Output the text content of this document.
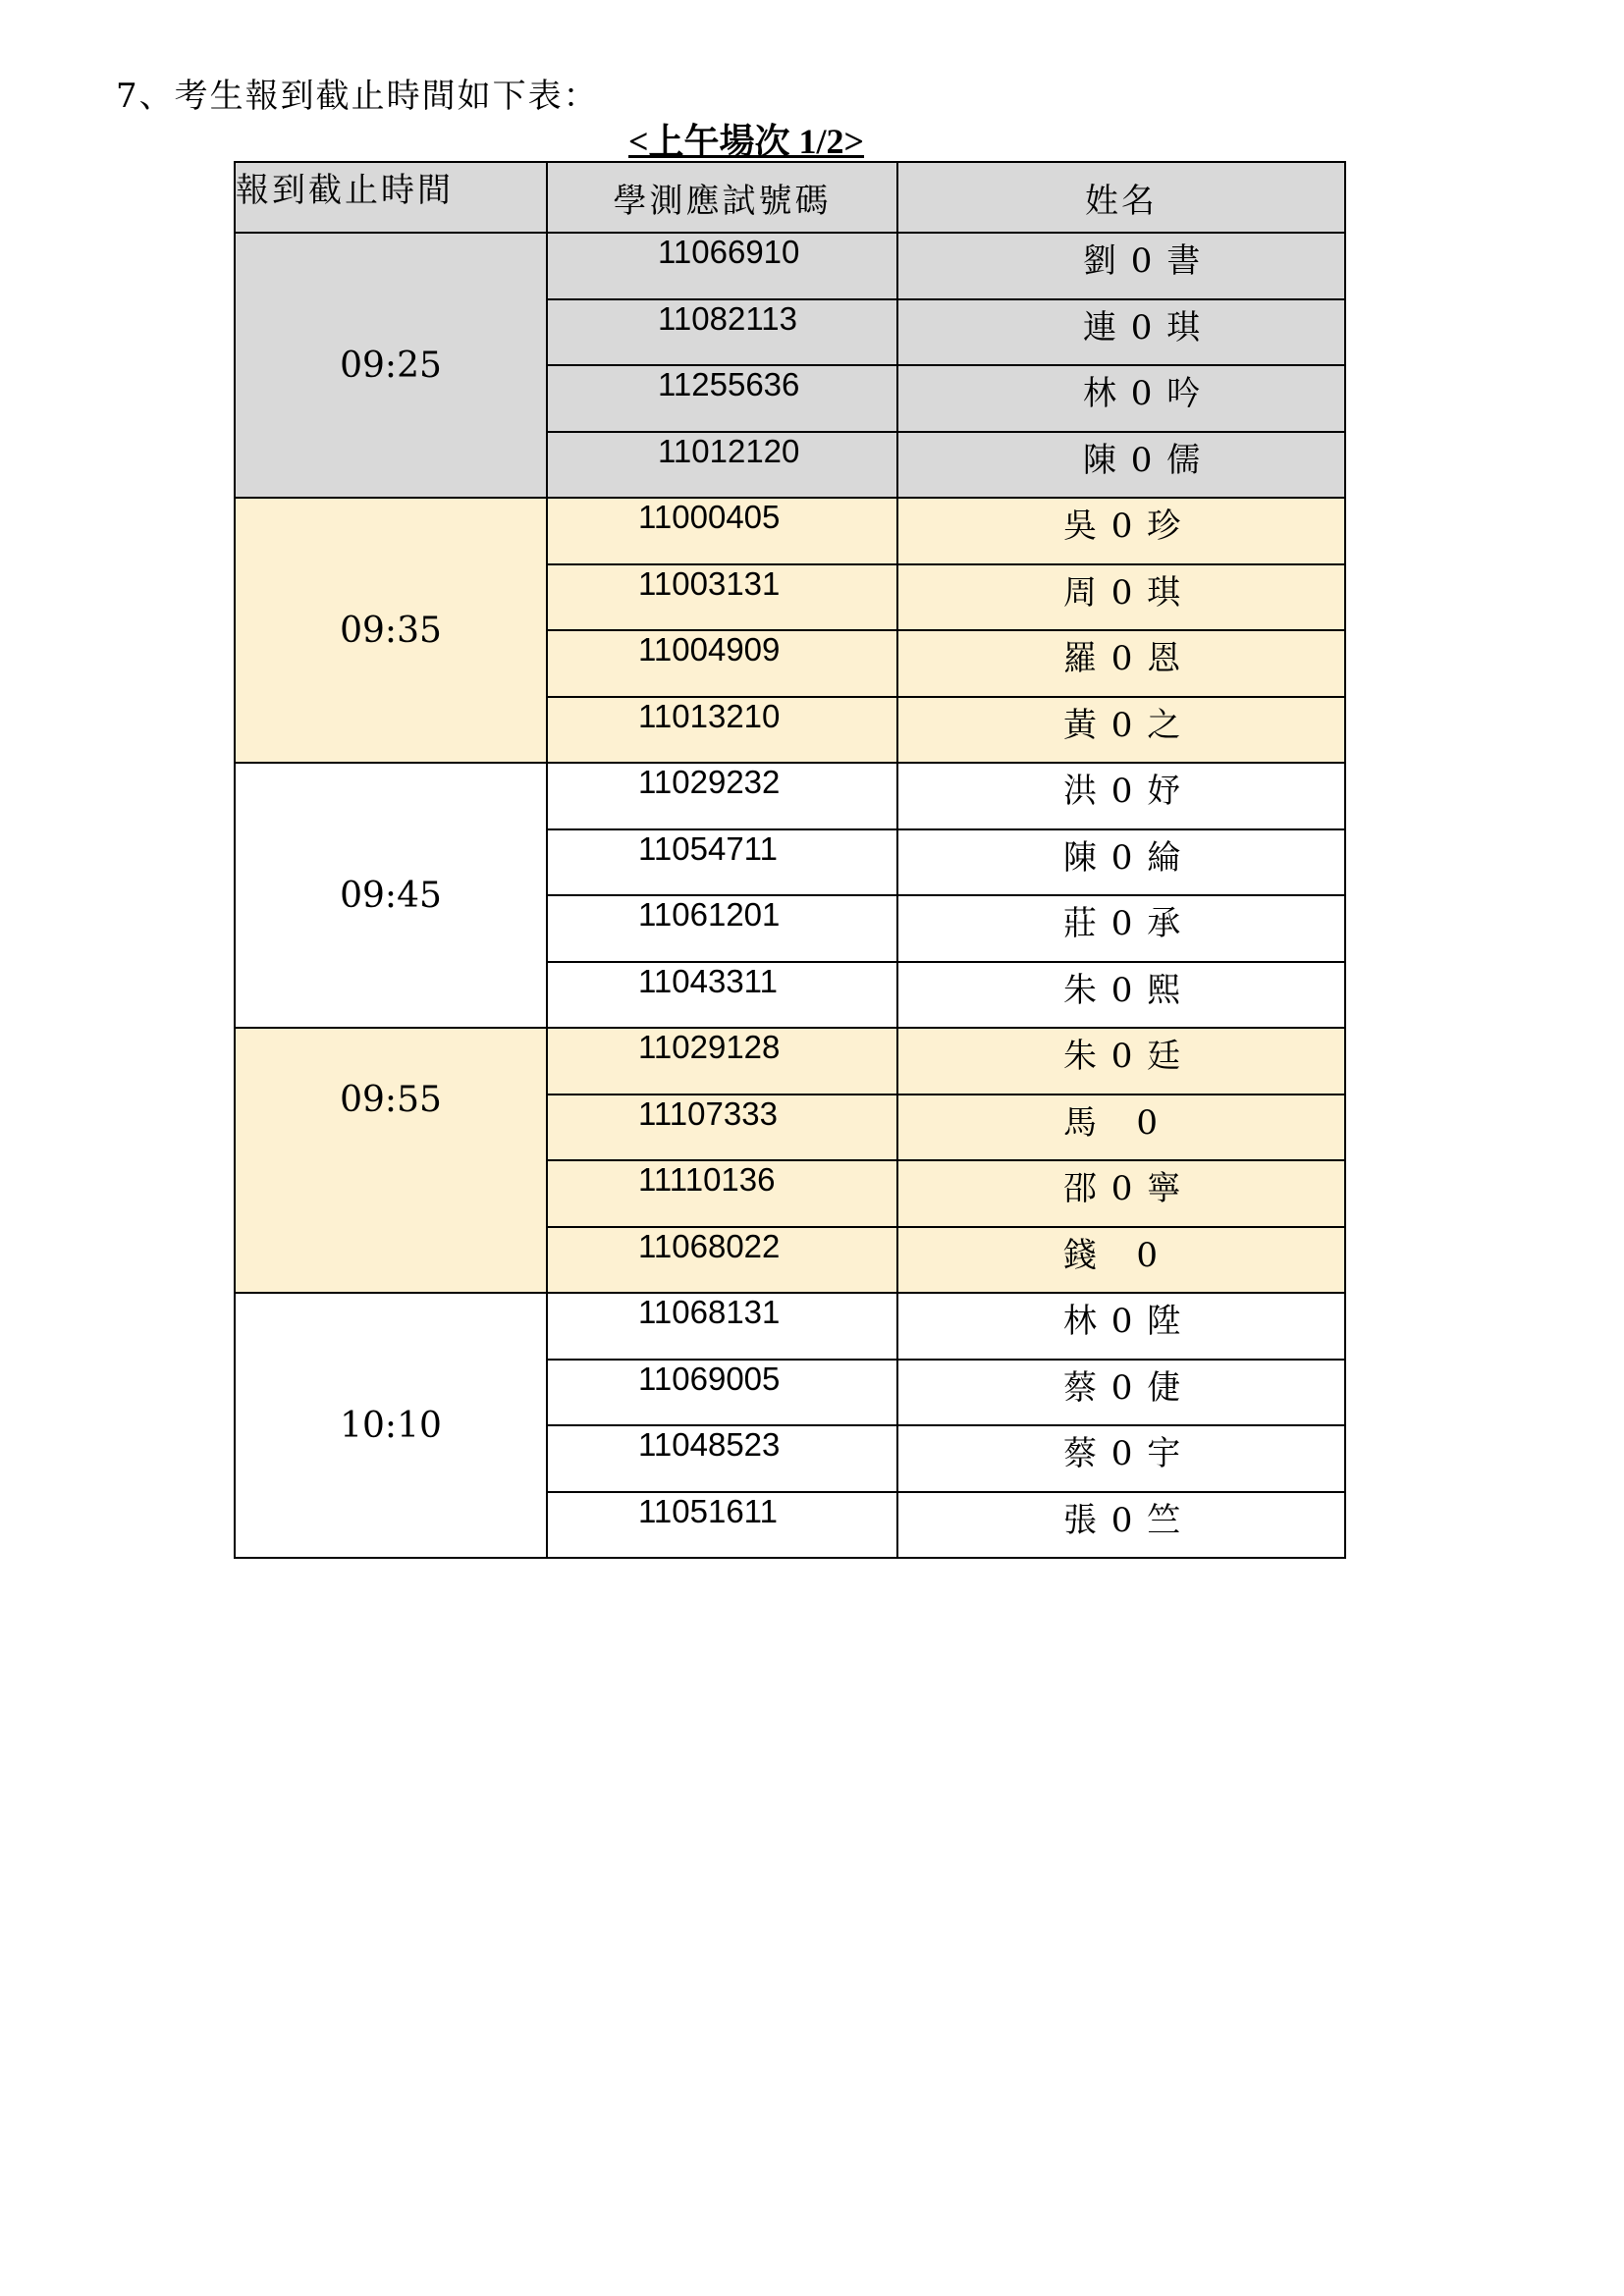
7、考生報到截止時間如下表：
<上午場次 1/2>
報到截止時間	學測應試號碼	姓名
09:25	11066910	劉 0 書
	11082113	連 0 琪
	11255636	林 0 吟
	11012120	陳 0 儒
09:35	11000405	吳 0 珍
	11003131	周 0 琪
	11004909	羅 0 恩
	11013210	黃 0 之
09:45	11029232	洪 0 妤
	11054711	陳 0 綸
	11061201	莊 0 承
	11043311	朱 0 熙
09:55	11029128	朱 0 廷
	11107333	馬   0
	11110136	邵 0 寧
	11068022	錢   0
10:10	11068131	林 0 陞
	11069005	蔡 0 倢
	11048523	蔡 0 宇
	11051611	張 0 竺
